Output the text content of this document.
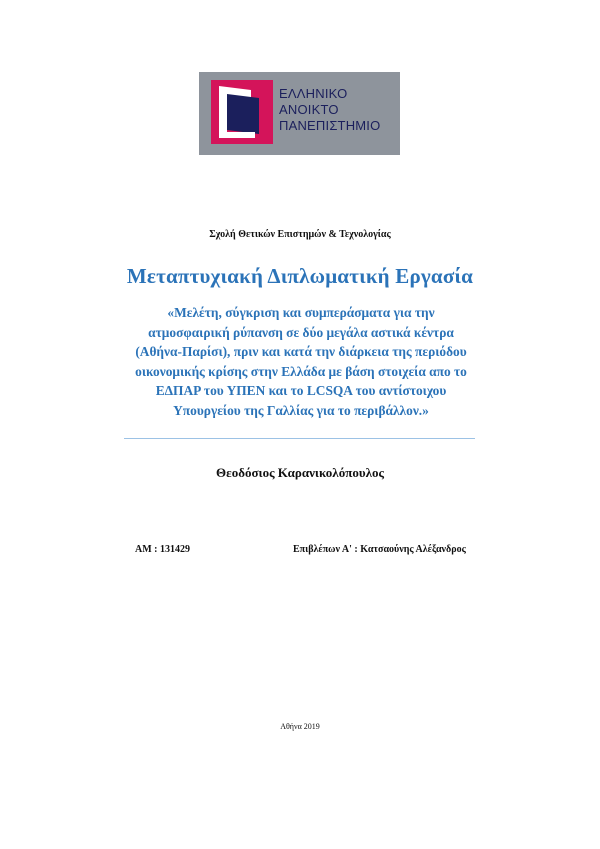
ΕΛΛΗΝΙΚΟ
ΑΝΟΙΚΤΟ
ΠΑΝΕΠΙΣΤΗΜΙΟ
Σχολή Θετικών Επιστημών & Τεχνολογίας
Μεταπτυχιακή Διπλωματική Εργασία
«Μελέτη, σύγκριση και συμπεράσματα για την
ατμοσφαιρική ρύπανση σε δύο μεγάλα αστικά κέντρα
(Αθήνα-Παρίσι), πριν και κατά την διάρκεια της περιόδου
οικονομικής κρίσης στην Ελλάδα με βάση στοιχεία απο το
ΕΔΠΑΡ του ΥΠΕΝ και το LCSQA του αντίστοιχου
Υπουργείου της Γαλλίας για το περιβάλλον.»
Θεοδόσιος Καρανικολόπουλος
ΑΜ : 131429	Επιβλέπων Α' : Κατσαούνης Αλέξανδρος
Αθήνα 2019
